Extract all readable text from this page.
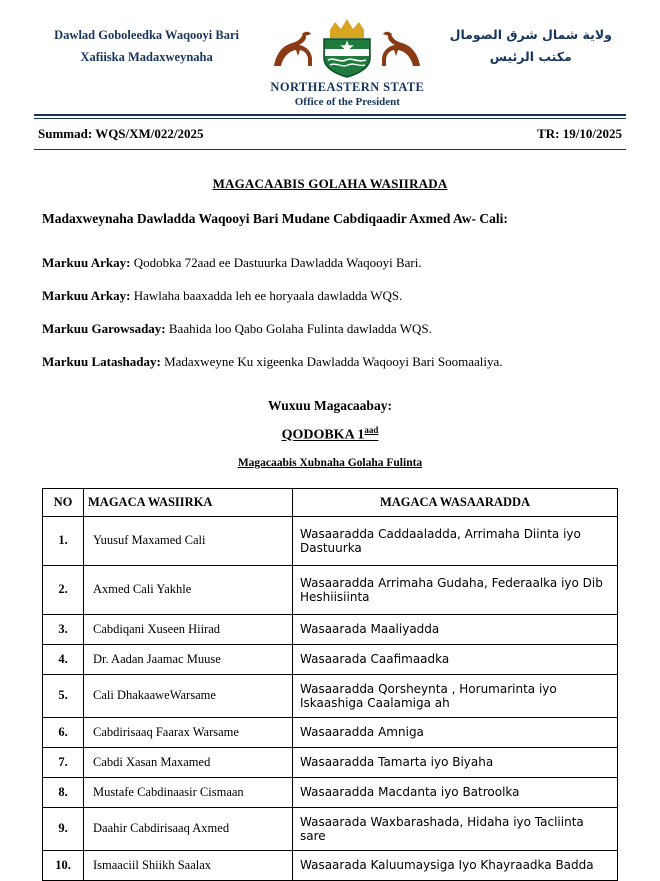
Dawlad Goboleedka Waqooyi Bari
Xafiiska Madaxweynaha
NORTHEASTERN STATE
Office of the President
ولاية شمال شرق الصومال
مكتب الرئيس
Summad: WQS/XM/022/2025	TR: 19/10/2025
MAGACAABIS GOLAHA WASIIRADA
Madaxweynaha Dawladda Waqooyi Bari Mudane Cabdiqaadir Axmed Aw- Cali:
Markuu Arkay: Qodobka 72aad ee Dastuurka Dawladda Waqooyi Bari.
Markuu Arkay: Hawlaha baaxadda leh ee horyaala dawladda WQS.
Markuu Garowsaday: Baahida loo Qabo Golaha Fulinta dawladda WQS.
Markuu Latashaday: Madaxweyne Ku xigeenka Dawladda Waqooyi Bari Soomaaliya.
Wuxuu Magacaabay:
QODOBKA $1^{aad}$
Magacaabis Xubnaha Golaha Fulinta
NO	MAGACA WASIIRKA	MAGACA WASAARADDA
1.	Yuusuf Maxamed Cali	Wasaaradda Caddaaladda, Arrimaha Diinta iyo Dastuurka
2.	Axmed Cali Yakhle	Wasaaradda Arrimaha Gudaha, Federaalka iyo Dib Heshiisiinta
3.	Cabdiqani Xuseen Hiirad	Wasaarada Maaliyadda
4.	Dr. Aadan Jaamac Muuse	Wasaarada Caafimaadka
5.	Cali DhakaaweWarsame	Wasaaradda Qorsheynta , Horumarinta iyo Iskaashiga Caalamiga ah
6.	Cabdirisaaq Faarax Warsame	Wasaaradda Amniga
7.	Cabdi Xasan Maxamed	Wasaaradda Tamarta iyo Biyaha
8.	Mustafe Cabdinaasir Cismaan	Wasaaradda Macdanta iyo Batroolka
9.	Daahir Cabdirisaaq Axmed	Wasaarada Waxbarashada, Hidaha iyo Tacliinta sare
10.	Ismaaciil Shiikh Saalax	Wasaarada Kaluumaysiga Iyo Khayraadka Badda
